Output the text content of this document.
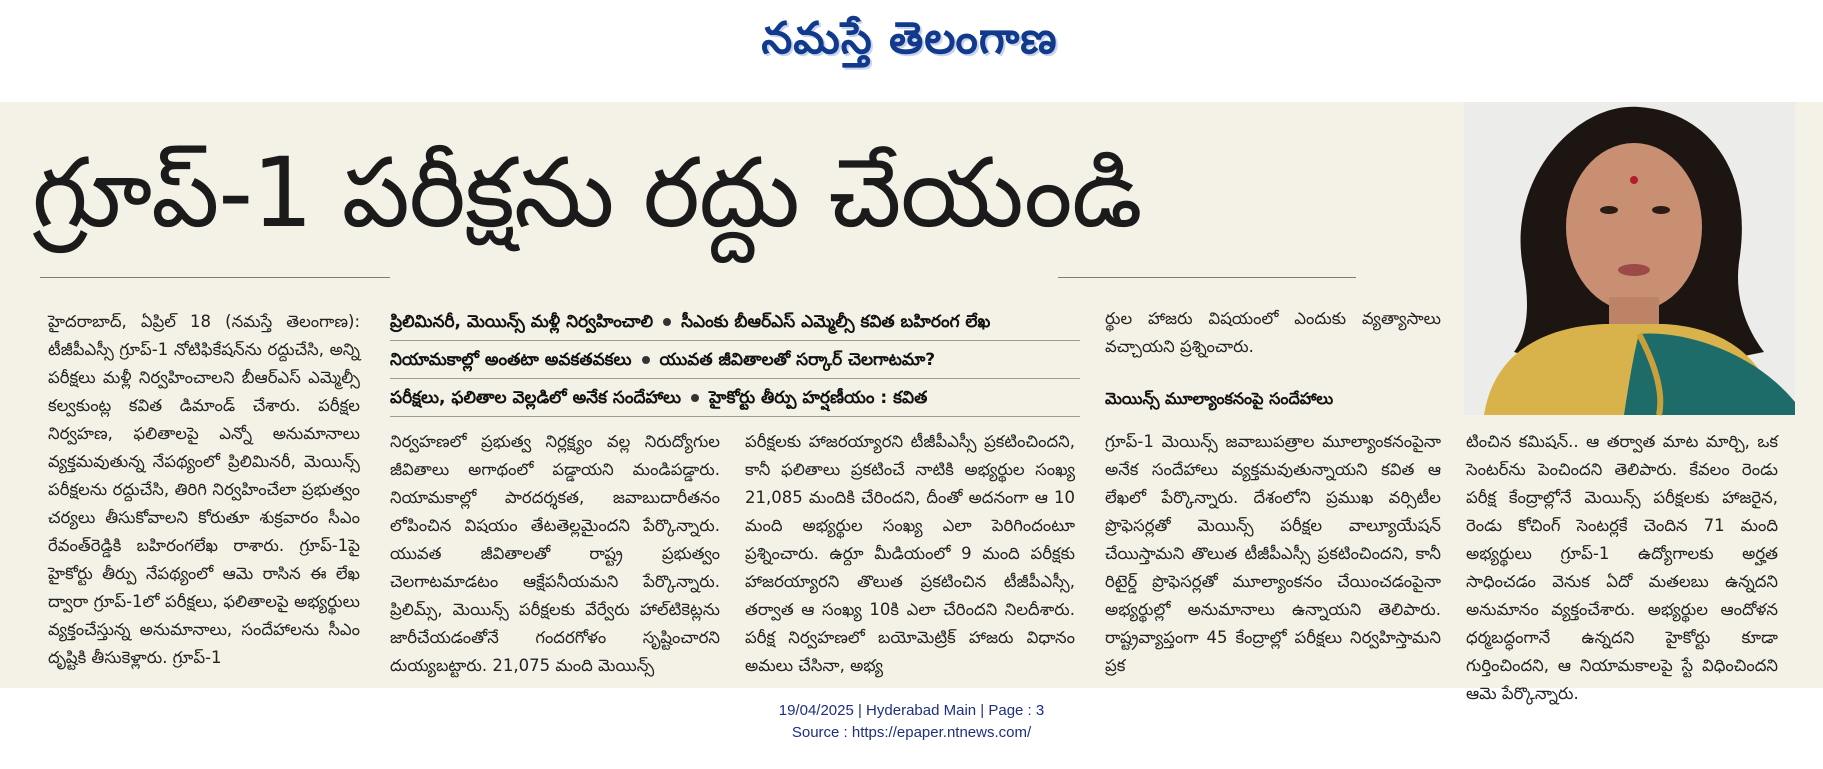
నమస్తే తెలంగాణ
గ్రూప్-1 పరీక్షను రద్దు చేయండి

హైదరాబాద్, ఏప్రిల్ 18 (నమస్తే తెలంగాణ): టీజీపీఎస్సీ గ్రూప్-1 నోటిఫికేషన్‌ను రద్దుచేసి, అన్ని పరీక్షలు మళ్లీ నిర్వహించాలని బీఆర్ఎస్ ఎమ్మెల్సీ కల్వకుంట్ల కవిత డిమాండ్ చేశారు. పరీక్షల నిర్వహణ, ఫలితాలపై ఎన్నో అనుమానాలు వ్యక్తమవుతున్న నేపథ్యంలో ప్రిలిమినరీ, మెయిన్స్ పరీక్షలను రద్దుచేసి, తిరిగి నిర్వహించేలా ప్రభుత్వం చర్యలు తీసుకోవాలని కోరుతూ శుక్రవారం సీఎం రేవంత్‌రెడ్డికి బహిరంగలేఖ రాశారు. గ్రూప్-1పై హైకోర్టు తీర్పు నేపథ్యంలో ఆమె రాసిన ఈ లేఖ ద్వారా గ్రూప్-1లో పరీక్షలు, ఫలితాలపై అభ్యర్థులు వ్యక్తంచేస్తున్న అనుమానాలు, సందేహాలను సీఎం దృష్టికి తీసుకెళ్లారు. గ్రూప్-1

ప్రిలిమినరీ, మెయిన్స్ మళ్లీ నిర్వహించాలి సీఎంకు బీఆర్ఎస్ ఎమ్మెల్సీ కవిత బహిరంగ లేఖ
నియామకాల్లో అంతటా అవకతవకలు యువత జీవితాలతో సర్కార్ చెలగాటమా?
పరీక్షలు, ఫలితాల వెల్లడిలో అనేక సందేహాలు హైకోర్టు తీర్పు హర్షణీయం : కవిత

నిర్వహణలో ప్రభుత్వ నిర్లక్ష్యం వల్ల నిరుద్యోగుల జీవితాలు అగాథంలో పడ్డాయని మండిపడ్డారు. నియామకాల్లో పారదర్శకత, జవాబుదారీతనం లోపించిన విషయం తేటతెల్లమైందని పేర్కొన్నారు. యువత జీవితాలతో రాష్ట్ర ప్రభుత్వం చెలగాటమాడటం ఆక్షేపనీయమని పేర్కొన్నారు. ప్రిలిమ్స్, మెయిన్స్ పరీక్షలకు వేర్వేరు హాల్‌టికెట్లను జారీచేయడంతోనే గందరగోళం సృష్టించారని దుయ్యబట్టారు. 21,075 మంది మెయిన్స్

పరీక్షలకు హాజరయ్యారని టీజీపీఎస్సీ ప్రకటించిందని, కానీ ఫలితాలు ప్రకటించే నాటికి అభ్యర్థుల సంఖ్య 21,085 మందికి చేరిందని, దీంతో అదనంగా ఆ 10 మంది అభ్యర్థుల సంఖ్య ఎలా పెరిగిందంటూ ప్రశ్నించారు. ఉర్దూ మీడియంలో 9 మంది పరీక్షకు హాజరయ్యారని తొలుత ప్రకటించిన టీజీపీఎస్సీ, తర్వాత ఆ సంఖ్య 10కి ఎలా చేరిందని నిలదీశారు. పరీక్ష నిర్వహణలో బయోమెట్రిక్ హాజరు విధానం అమలు చేసినా, అభ్య

ర్థుల హాజరు విషయంలో ఎందుకు వ్యత్యాసాలు వచ్చాయని ప్రశ్నించారు.

మెయిన్స్ మూల్యాంకనంపై సందేహాలు

గ్రూప్-1 మెయిన్స్ జవాబుపత్రాల మూల్యాంకనంపైనా అనేక సందేహాలు వ్యక్తమవుతున్నాయని కవిత ఆ లేఖలో పేర్కొన్నారు. దేశంలోని ప్రముఖ వర్సిటీల ప్రొఫెసర్లతో మెయిన్స్ పరీక్షల వాల్యూయేషన్ చేయిస్తామని తొలుత టీజీపీఎస్సీ ప్రకటించిందని, కానీ రిటైర్డ్ ప్రొఫెసర్లతో మూల్యాంకనం చేయించడంపైనా అభ్యర్థుల్లో అనుమానాలు ఉన్నాయని తెలిపారు. రాష్ట్రవ్యాప్తంగా 45 కేంద్రాల్లో పరీక్షలు నిర్వహిస్తామని ప్రక

టించిన కమిషన్.. ఆ తర్వాత మాట మార్చి, ఒక సెంటర్‌ను పెంచిందని తెలిపారు. కేవలం రెండు పరీక్ష కేంద్రాల్లోనే మెయిన్స్ పరీక్షలకు హాజరైన, రెండు కోచింగ్ సెంటర్లకే చెందిన 71 మంది అభ్యర్థులు గ్రూప్-1 ఉద్యోగాలకు అర్హత సాధించడం వెనుక ఏదో మతలబు ఉన్నదని అనుమానం వ్యక్తంచేశారు. అభ్యర్థుల ఆందోళన ధర్మబద్ధంగానే ఉన్నదని హైకోర్టు కూడా గుర్తించిందని, ఆ నియామకాలపై స్టే విధించిందని ఆమె పేర్కొన్నారు.

19/04/2025 | Hyderabad Main | Page : 3
Source : https://epaper.ntnews.com/
